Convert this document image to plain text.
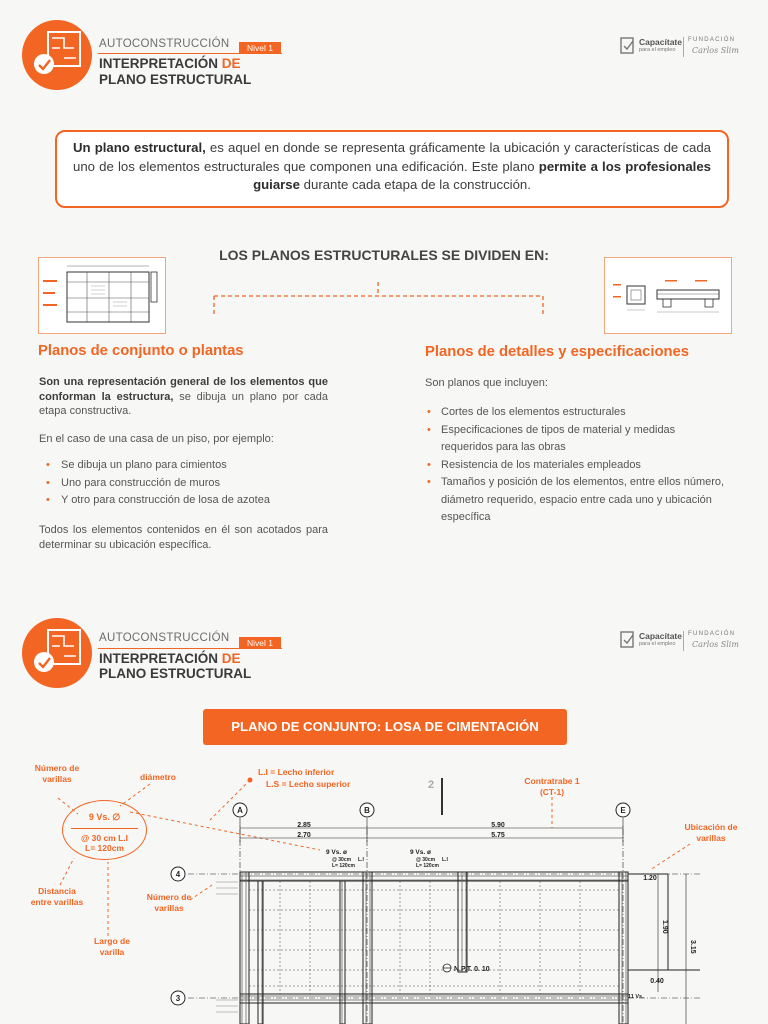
AUTOCONSTRUCCIÓN	Nivel 1
INTERPRETACIÓN DE
PLANO ESTRUCTURAL
Capacítate
para el empleo
FUNDACIÓN
Carlos Slim
Un plano estructural, es aquel en donde se representa gráficamente la ubicación y características de cada uno de los elementos estructurales que componen una edificación. Este plano permite a los profesionales guiarse durante cada etapa de la construcción.
LOS PLANOS ESTRUCTURALES SE DIVIDEN EN:
Planos de conjunto o plantas
Son una representación general de los elementos que conforman la estructura, se dibuja un plano por cada etapa constructiva.
En el caso de una casa de un piso, por ejemplo:
• Se dibuja un plano para cimientos
• Uno para construcción de muros
• Y otro para construcción de losa de azotea
Todos los elementos contenidos en él son acotados para determinar su ubicación específica.
Planos de detalles y especificaciones
Son planos que incluyen:
• Cortes de los elementos estructurales
• Especificaciones de tipos de material y medidas requeridos para las obras
• Resistencia de los materiales empleados
• Tamaños y posición de los elementos, entre ellos número, diámetro requerido, espacio entre cada uno y ubicación específica
AUTOCONSTRUCCIÓN	Nivel 1
INTERPRETACIÓN DE
PLANO ESTRUCTURAL
Capacítate
para el empleo
FUNDACIÓN
Carlos Slim
PLANO DE CONJUNTO: LOSA DE CIMENTACIÓN
Número de varillas	diámetro	L.I = Lecho inferior
L.S = Lecho superior	Contratrabe 1
(CT-1)
Ubicación de varillas
Distancia entre varillas	Número de varillas
Largo de varilla
9 Vs. ∅
@ 30 cm L.I
L= 120cm
A	B	E
4
3
2
2.85	5.90
2.70	5.75
1.20
0.40
1.90
3.15
9 Vs. ø
@ 30cm
L= 120cm
L.I
9 Vs. ø
@ 30cm
L= 120cm
L.I
11 Vs.
N.P.T. 0. 10
